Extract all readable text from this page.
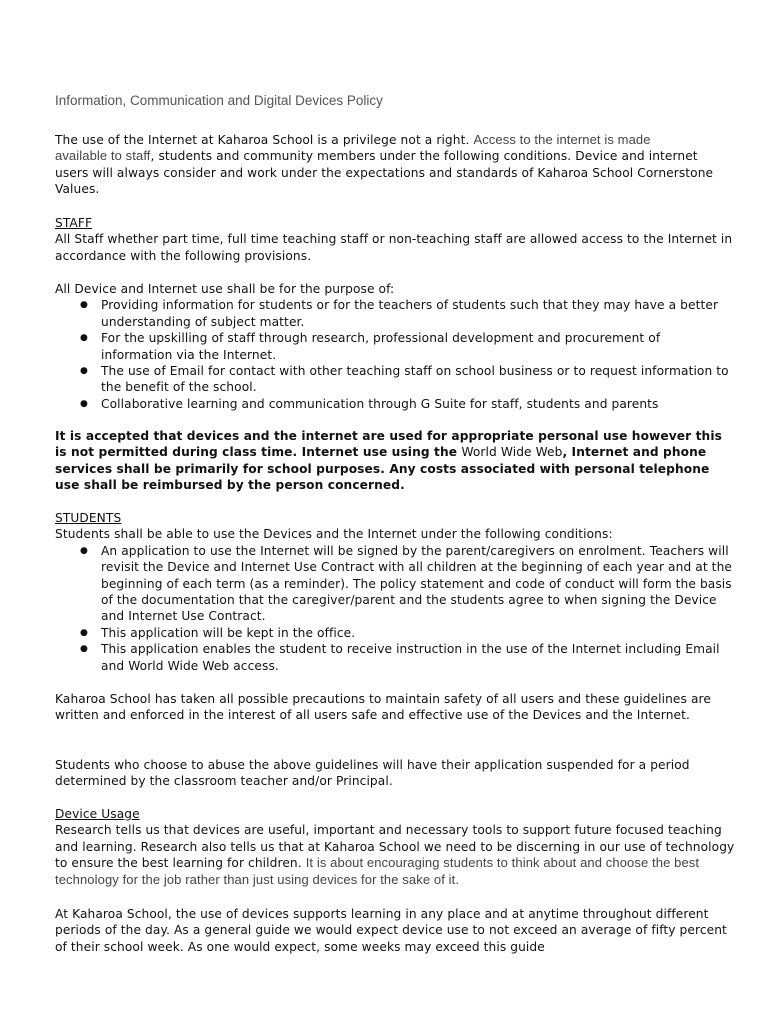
Information, Communication and Digital Devices Policy
The use of the Internet at Kaharoa School is a privilege not a right. Access to the internet is made
available to staff, students and community members under the following conditions. Device and internet users will always consider and work under the expectations and standards of Kaharoa School Cornerstone Values.
STAFF
All Staff whether part time, full time teaching staff or non-teaching staff are allowed access to the Internet in accordance with the following provisions.
All Device and Internet use shall be for the purpose of:
● Providing information for students or for the teachers of students such that they may have a better understanding of subject matter.
● For the upskilling of staff through research, professional development and procurement of information via the Internet.
● The use of Email for contact with other teaching staff on school business or to request information to the benefit of the school.
● Collaborative learning and communication through G Suite for staff, students and parents
It is accepted that devices and the internet are used for appropriate personal use however this is not permitted during class time. Internet use using the World Wide Web, Internet and phone services shall be primarily for school purposes. Any costs associated with personal telephone use shall be reimbursed by the person concerned.
STUDENTS
Students shall be able to use the Devices and the Internet under the following conditions:
● An application to use the Internet will be signed by the parent/caregivers on enrolment. Teachers will revisit the Device and Internet Use Contract with all children at the beginning of each year and at the beginning of each term (as a reminder). The policy statement and code of conduct will form the basis of the documentation that the caregiver/parent and the students agree to when signing the Device and Internet Use Contract.
● This application will be kept in the office.
● This application enables the student to receive instruction in the use of the Internet including Email and World Wide Web access.
Kaharoa School has taken all possible precautions to maintain safety of all users and these guidelines are written and enforced in the interest of all users safe and effective use of the Devices and the Internet.
Students who choose to abuse the above guidelines will have their application suspended for a period determined by the classroom teacher and/or Principal.
Device Usage
Research tells us that devices are useful, important and necessary tools to support future focused teaching and learning. Research also tells us that at Kaharoa School we need to be discerning in our use of technology to ensure the best learning for children. It is about encouraging students to think about and choose the best technology for the job rather than just using devices for the sake of it.
At Kaharoa School, the use of devices supports learning in any place and at anytime throughout different periods of the day. As a general guide we would expect device use to not exceed an average of fifty percent of their school week. As one would expect, some weeks may exceed this guide
